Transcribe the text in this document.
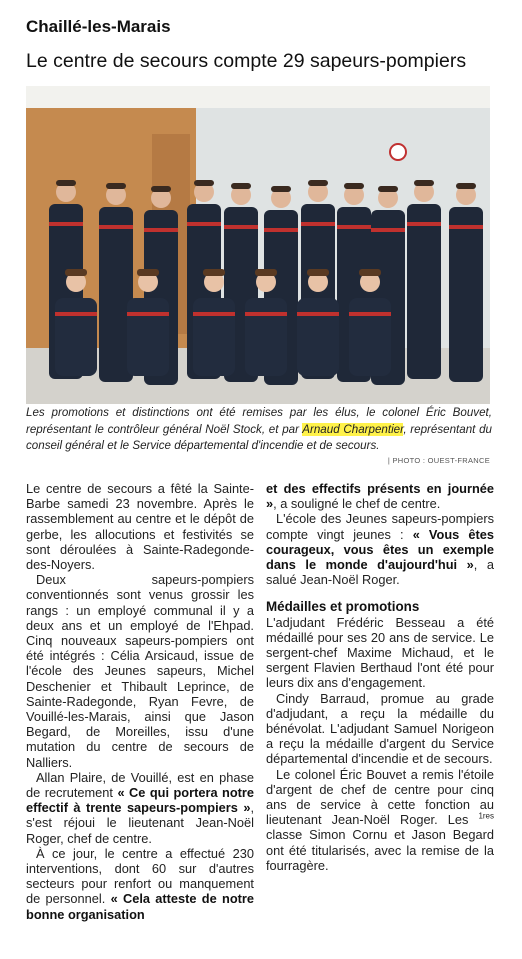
Chaillé-les-Marais
Le centre de secours compte 29 sapeurs-pompiers
Les promotions et distinctions ont été remises par les élus, le colonel Éric Bouvet, représentant le contrôleur général Noël Stock, et par Arnaud Charpentier, représentant du conseil général et le Service départemental d'incendie et de secours.
| PHOTO : OUEST-FRANCE

Le centre de secours a fêté la Sainte-Barbe samedi 23 novembre. Après le rassemblement au centre et le dépôt de gerbe, les allocutions et festivités se sont déroulées à Sainte-Radegonde-des-Noyers.

Deux sapeurs-pompiers conventionnés sont venus grossir les rangs : un employé communal il y a deux ans et un employé de l'Ehpad. Cinq nouveaux sapeurs-pompiers ont été intégrés : Célia Arsicaud, issue de l'école des Jeunes sapeurs, Michel Deschenier et Thibault Leprince, de Sainte-Radegonde, Ryan Fevre, de Vouillé-les-Marais, ainsi que Jason Begard, de Moreilles, issu d'une mutation du centre de secours de Nalliers.

Allan Plaire, de Vouillé, est en phase de recrutement « Ce qui portera notre effectif à trente sapeurs-pompiers », s'est réjoui le lieutenant Jean-Noël Roger, chef de centre.

À ce jour, le centre a effectué 230 interventions, dont 60 sur d'autres secteurs pour renfort ou manquement de personnel. « Cela atteste de notre bonne organisation

et des effectifs présents en journée », a souligné le chef de centre.

L'école des Jeunes sapeurs-pompiers compte vingt jeunes : « Vous êtes courageux, vous êtes un exemple dans le monde d'aujourd'hui », a salué Jean-Noël Roger.

Médailles et promotions

L'adjudant Frédéric Besseau a été médaillé pour ses 20 ans de service. Le sergent-chef Maxime Michaud, et le sergent Flavien Berthaud l'ont été pour leurs dix ans d'engagement.

Cindy Barraud, promue au grade d'adjudant, a reçu la médaille du bénévolat. L'adjudant Samuel Norigeon a reçu la médaille d'argent du Service départemental d'incendie et de secours.

Le colonel Éric Bouvet a remis l'étoile d'argent de chef de centre pour cinq ans de service à cette fonction au lieutenant Jean-Noël Roger. Les $^{1res}$ classe Simon Cornu et Jason Begard ont été titularisés, avec la remise de la fourragère.
